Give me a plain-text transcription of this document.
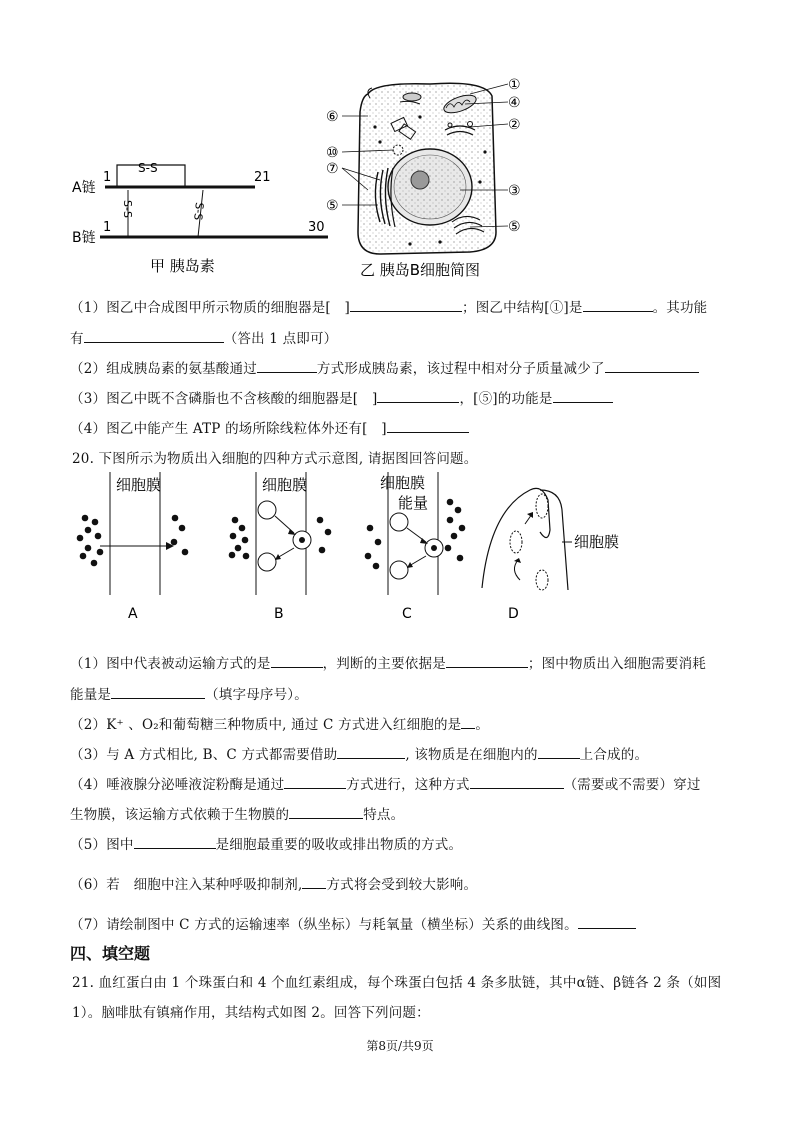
S-S
A链
1	21
S-S	S-S
B链
1	30
甲 胰岛素
①
④
②
⑥
⑩
⑦
③
⑤
⑤
乙 胰岛B细胞简图
（1）图乙中合成图甲所示物质的细胞器是[　]	；图乙中结构[①]是	。其功能
有	（答出 1 点即可）
（2）组成胰岛素的氨基酸通过	方式形成胰岛素，该过程中相对分子质量减少了
（3）图乙中既不含磷脂也不含核酸的细胞器是[　]	，[⑤]的功能是
（4）图乙中能产生 ATP 的场所除线粒体外还有[　]
20. 下图所示为物质出入细胞的四种方式示意图, 请据图回答问题。
细胞膜
A
细胞膜
B
细胞膜
能量
C
细胞膜
D
（1）图中代表被动运输方式的是	，判断的主要依据是	；图中物质出入细胞需要消耗
能量是	（填字母序号）。
（2）K⁺ 、O₂和葡萄糖三种物质中, 通过 C 方式进入红细胞的是 。
（3）与 A 方式相比, B、C 方式都需要借助	, 该物质是在细胞内的	上合成的。
（4）唾液腺分泌唾液淀粉酶是通过	方式进行，这种方式	（需要或不需要）穿过
生物膜，该运输方式依赖于生物膜的	特点。
（5）图中	是细胞最重要的吸收或排出物质的方式。
（6）若　细胞中注入某种呼吸抑制剂, 方式将会受到较大影响。
（7）请绘制图中 C 方式的运输速率（纵坐标）与耗氧量（横坐标）关系的曲线图。
四、填空题
21. 血红蛋白由 1 个珠蛋白和 4 个血红素组成，每个珠蛋白包括 4 条多肽链，其中α链、β链各 2 条（如图
1）。脑啡肽有镇痛作用，其结构式如图 2。回答下列问题：
第8页/共9页
